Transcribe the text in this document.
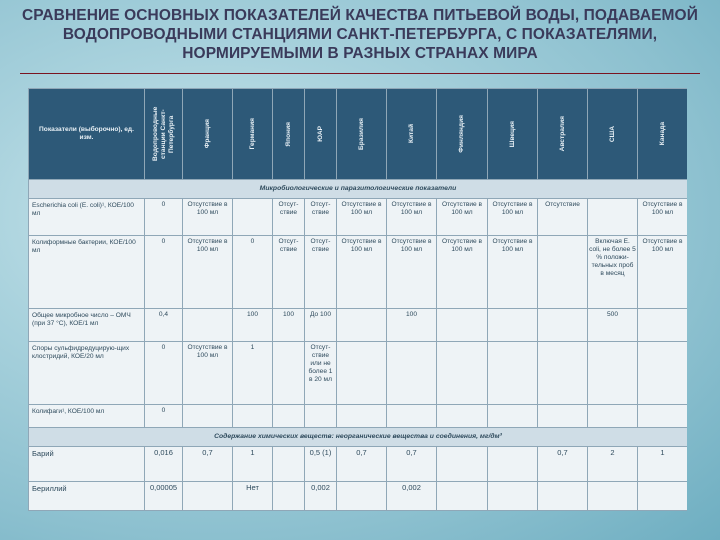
СРАВНЕНИЕ ОСНОВНЫХ ПОКАЗАТЕЛЕЙ КАЧЕСТВА ПИТЬЕВОЙ ВОДЫ, ПОДАВАЕМОЙ ВОДОПРОВОДНЫМИ СТАНЦИЯМИ САНКТ-ПЕТЕРБУРГА, С ПОКАЗАТЕЛЯМИ, НОРМИРУЕМЫМИ В РАЗНЫХ СТРАНАХ МИРА
Показатели (выборочно), ед. изм.	Водопроводные станции Санкт-Петербурга	Франция	Германия	Япония	ЮАР	Бразилия	Китай	Финляндия	Швеция	Австралия	США	Канада

Микробиологические и паразитологические показатели												
Escherichia coli (E. coli)¹, КОЕ/100 мл	0	Отсутствие в 100 мл		Отсут-ствие	Отсут-ствие	Отсутствие в 100 мл	Отсутствие в 100 мл	Отсутствие в 100 мл	Отсутствие в 100 мл	Отсутствие		Отсутствие в 100 мл
Колиформные бактерии, КОЕ/100 мл	0	Отсутствие в 100 мл	0	Отсут-ствие	Отсут-ствие	Отсутствие в 100 мл	Отсутствие в 100 мл	Отсутствие в 100 мл	Отсутствие в 100 мл		Включая E. coli, не более 5 % положи-тельных проб в месяц	Отсутствие в 100 мл
Общее микробное число – ОМЧ (при 37 °С), КОЕ/1 мл	0,4		100	100	До 100		100				500	
Споры сульфидредуцирую-щих клостридий, КОЕ/20 мл	0	Отсутствие в 100 мл	1		Отсут-ствие или не более 1 в 20 мл							
Колифаги¹, КОЕ/100 мл	0											
Содержание химических веществ: неорганические вещества и соединения, мг/дм³												
Барий	0,016	0,7	1		0,5 (1)	0,7	0,7			0,7	2	1
Бериллий	0,00005		Нет		0,002		0,002					
